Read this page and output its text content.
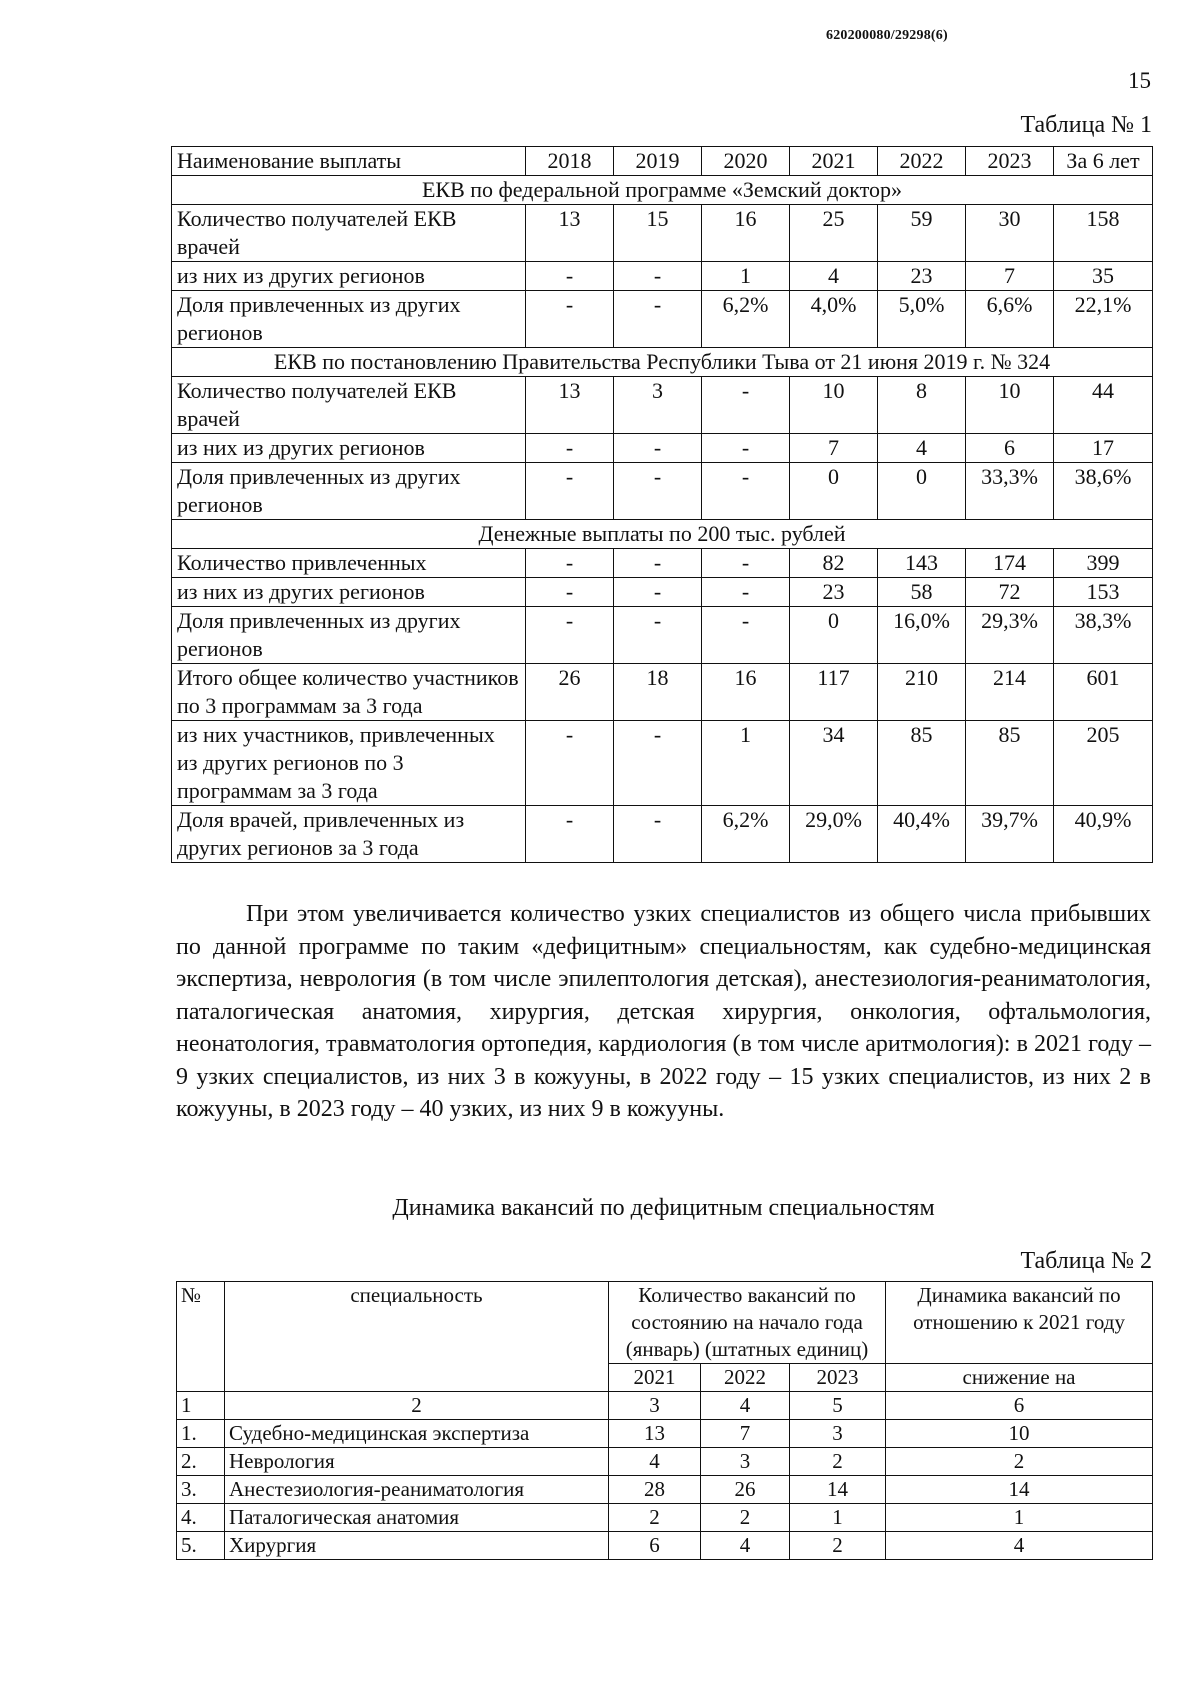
620200080/29298(6)
15
Таблица № 1
Наименование выплаты	2018	2019	2020	2021	2022	2023	За 6 лет
ЕКВ по федеральной программе «Земский доктор»							
Количество получателей ЕКВ врачей	13	15	16	25	59	30	158
из них из других регионов	-	-	1	4	23	7	35
Доля привлеченных из других регионов	-	-	6,2%	4,0%	5,0%	6,6%	22,1%
ЕКВ по постановлению Правительства Республики Тыва от 21 июня 2019 г. № 324							
Количество получателей ЕКВ врачей	13	3	-	10	8	10	44
из них из других регионов	-	-	-	7	4	6	17
Доля привлеченных из других регионов	-	-	-	0	0	33,3%	38,6%
Денежные выплаты по 200 тыс. рублей							
Количество привлеченных	-	-	-	82	143	174	399
из них из других регионов	-	-	-	23	58	72	153
Доля привлеченных из других регионов	-	-	-	0	16,0%	29,3%	38,3%
Итого общее количество участников по 3 программам за 3 года	26	18	16	117	210	214	601
из них участников, привлеченных из других регионов по 3 программам за 3 года	-	-	1	34	85	85	205
Доля врачей, привлеченных из других регионов за 3 года	-	-	6,2%	29,0%	40,4%	39,7%	40,9%
При этом увеличивается количество узких специалистов из общего числа прибывших по данной программе по таким «дефицитным» специальностям, как судебно-медицинская экспертиза, неврология (в том числе эпилептология детская), анестезиология-реаниматология, паталогическая анатомия, хирургия, детская хирургия, онкология, офтальмология, неонатология, травматология ортопедия, кардиология (в том числе аритмология): в 2021 году – 9 узких специалистов, из них 3 в кожууны, в 2022 году – 15 узких специалистов, из них 2 в кожууны, в 2023 году – 40 узких, из них 9 в кожууны.
Динамика вакансий по дефицитным специальностям
Таблица № 2
№	специальность	Количество вакансий по состоянию на начало года (январь) (штатных единиц)			Динамика вакансий по отношению к 2021 году
		2021	2022	2023	снижение на
1	2	3	4	5	6
1.	Судебно-медицинская экспертиза	13	7	3	10
2.	Неврология	4	3	2	2
3.	Анестезиология-реаниматология	28	26	14	14
4.	Паталогическая анатомия	2	2	1	1
5.	Хирургия	6	4	2	4
